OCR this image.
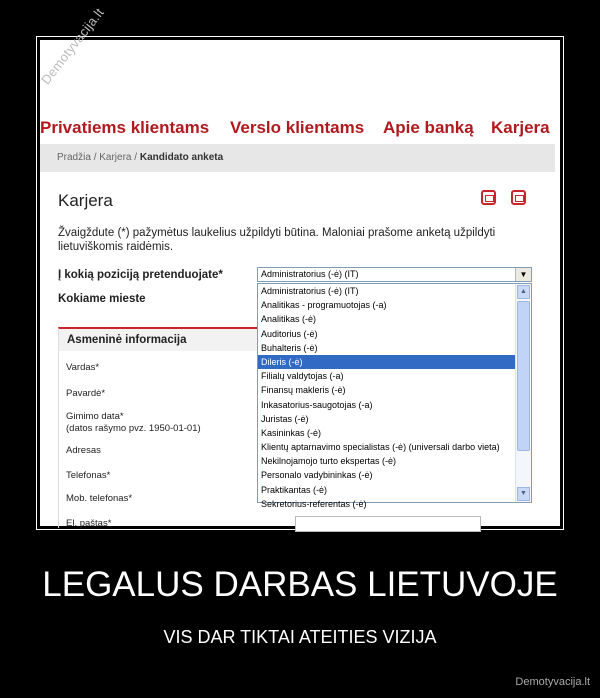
Demotyvacija.lt
Privatiems klientams Verslo klientams Apie banką Karjera
Pradžia / Karjera / Kandidato anketa
Karjera
Žvaigždute (*) pažymėtus laukelius užpildyti būtina. Maloniai prašome anketą užpildyti lietuviškomis raidėmis.
Į kokią poziciją pretenduojate*
Kokiame mieste
Administratorius (-ė) (IT)	▼
Asmeninė informacija
Vardas*
Pavardė*
Gimimo data*
(datos rašymo pvz. 1950-01-01)
Adresas
Telefonas*
Mob. telefonas*
El. paštas*
Administratorius (-ė) (IT)
Analitikas - programuotojas (-a)
Analitikas (-ė)
Auditorius (-ė)
Buhalteris (-ė)
Dileris (-ė)
Filialų valdytojas (-a)
Finansų makleris (-ė)
Inkasatorius-saugotojas (-a)
Juristas (-ė)
Kasininkas (-ė)
Klientų aptarnavimo specialistas (-ė) (universali darbo vieta)
Nekilnojamojo turto ekspertas (-ė)
Personalo vadybininkas (-ė)
Praktikantas (-ė)
Sekretorius-referentas (-ė)
▲
▼
LEGALUS DARBAS LIETUVOJE
VIS DAR TIKTAI ATEITIES VIZIJA
Demotyvacija.lt
